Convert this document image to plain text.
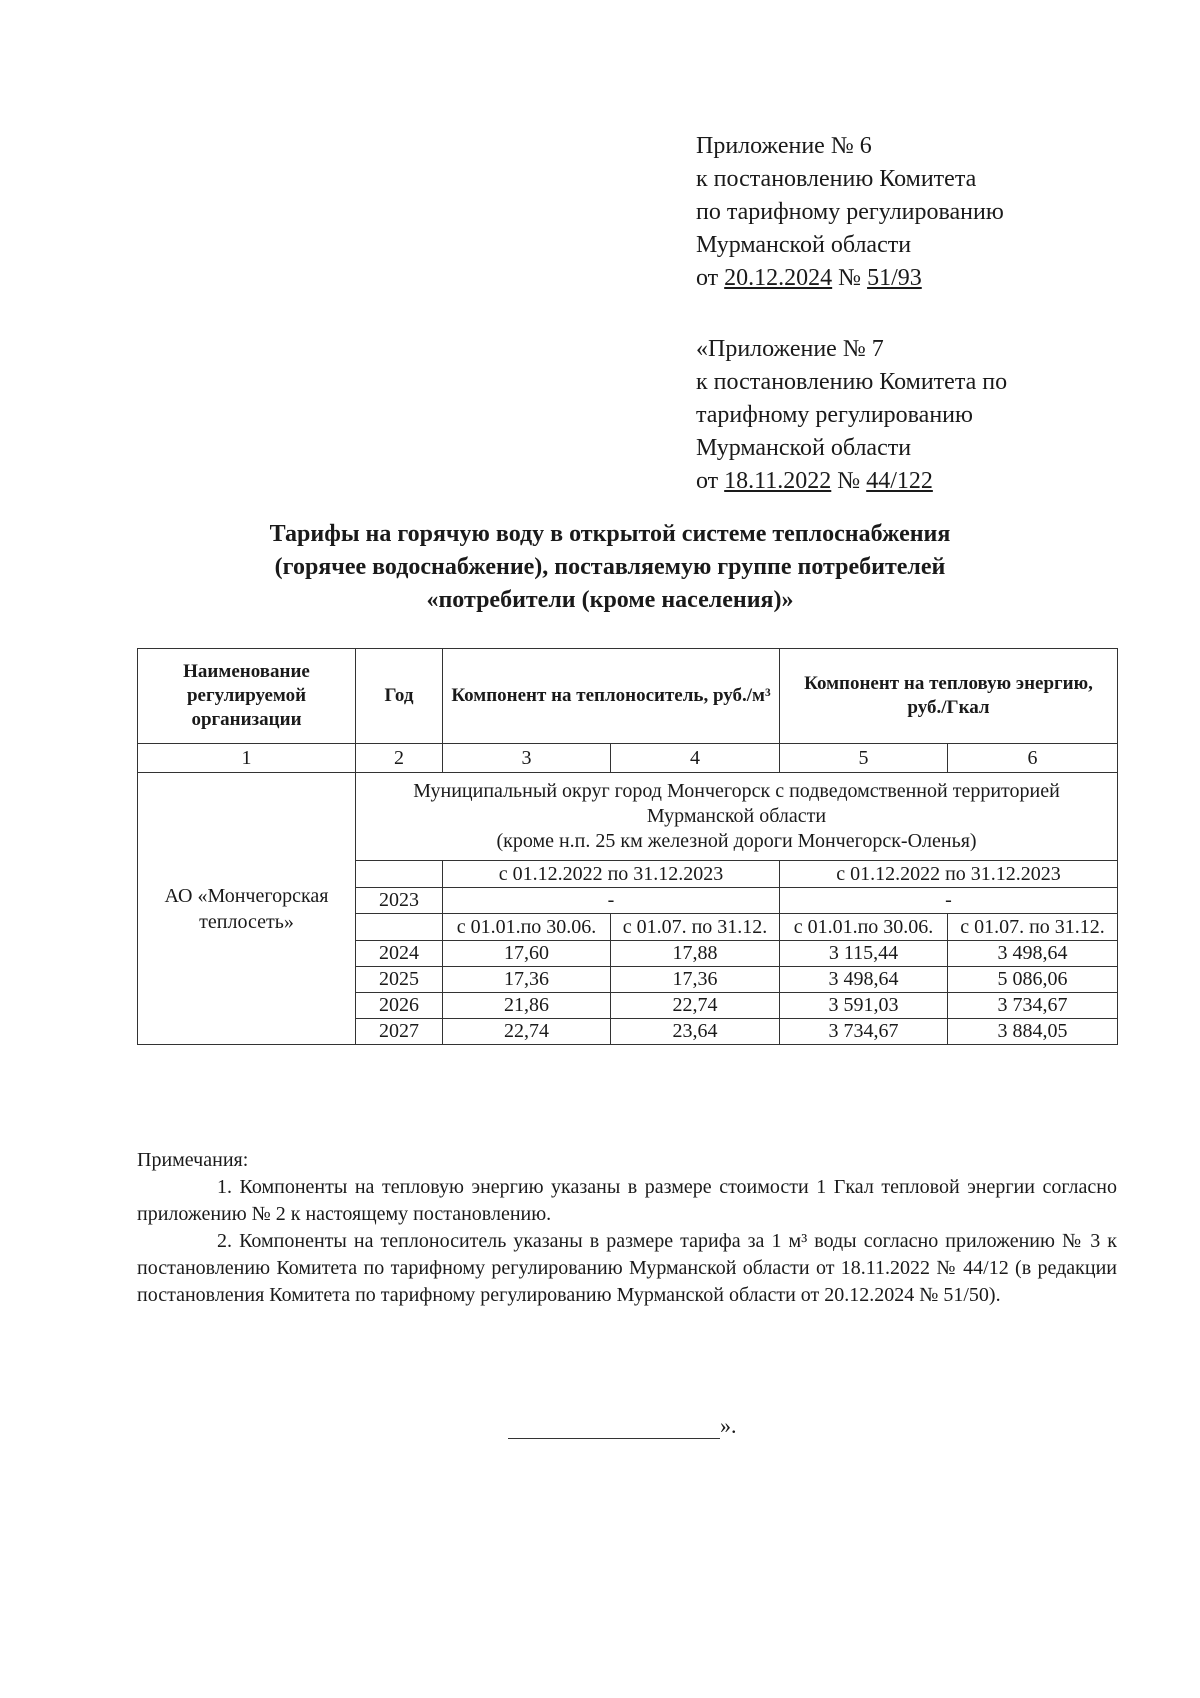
Приложение № 6
к постановлению Комитета
по тарифному регулированию
Мурманской области
от 20.12.2024 № 51/93
«Приложение № 7
к постановлению Комитета по
тарифному регулированию
Мурманской области
от 18.11.2022 № 44/122
Тарифы на горячую воду в открытой системе теплоснабжения
(горячее водоснабжение), поставляемую группе потребителей
«потребители (кроме населения)»
Наименование регулируемой организации	Год	Компонент на теплоноситель, руб./м³		Компонент на тепловую энергию, руб./Гкал	
1	2	3	4	5	6
АО «Мончегорская теплосеть»	Муниципальный округ город Мончегорск с подведомственной территорией Мурманской области
(кроме н.п. 25 км железной дороги Мончегорск-Оленья)				
		с 01.12.2022 по 31.12.2023		с 01.12.2022 по 31.12.2023	
	2023	-		-	
		с 01.01.по 30.06.	с 01.07. по 31.12.	с 01.01.по 30.06.	с 01.07. по 31.12.
	2024	17,60	17,88	3 115,44	3 498,64
	2025	17,36	17,36	3 498,64	5 086,06
	2026	21,86	22,74	3 591,03	3 734,67
	2027	22,74	23,64	3 734,67	3 884,05
Примечания:
1. Компоненты на тепловую энергию указаны в размере стоимости 1 Гкал тепловой энергии согласно приложению № 2 к настоящему постановлению.
2. Компоненты на теплоноситель указаны в размере тарифа за 1 м³ воды согласно приложению № 3 к постановлению Комитета по тарифному регулированию Мурманской области от 18.11.2022 № 44/12 (в редакции постановления Комитета по тарифному регулированию Мурманской области от 20.12.2024 № 51/50).
».
